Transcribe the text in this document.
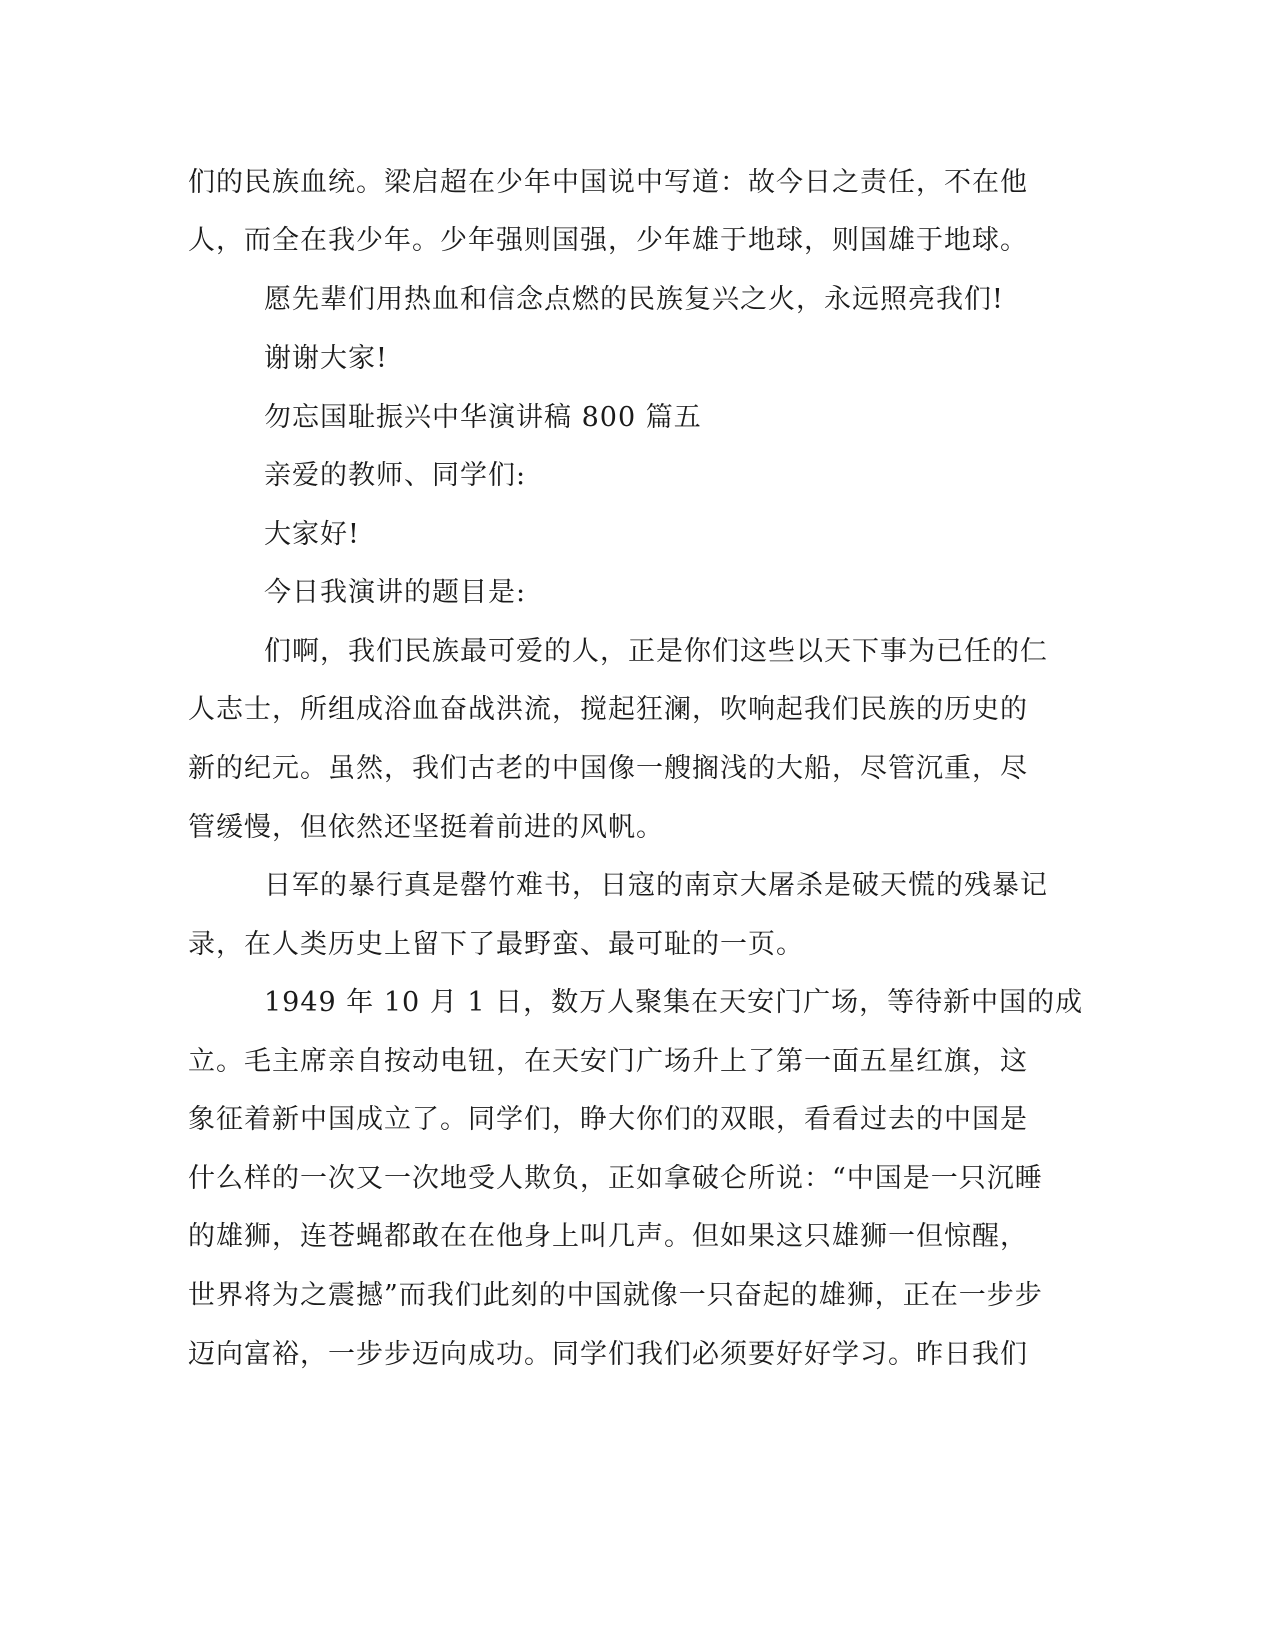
们的民族血统。梁启超在少年中国说中写道：故今日之责任，不在他
人，而全在我少年。少年强则国强，少年雄于地球，则国雄于地球。
愿先辈们用热血和信念点燃的民族复兴之火，永远照亮我们!
谢谢大家!
勿忘国耻振兴中华演讲稿 800 篇五
亲爱的教师、同学们:
大家好!
今日我演讲的题目是:
们啊，我们民族最可爱的人，正是你们这些以天下事为已任的仁
人志士，所组成浴血奋战洪流，搅起狂澜，吹响起我们民族的历史的
新的纪元。虽然，我们古老的中国像一艘搁浅的大船，尽管沉重，尽
管缓慢，但依然还坚挺着前进的风帆。
日军的暴行真是罄竹难书，日寇的南京大屠杀是破天慌的残暴记
录，在人类历史上留下了最野蛮、最可耻的一页。
1949 年 10 月 1 日，数万人聚集在天安门广场，等待新中国的成
立。毛主席亲自按动电钮，在天安门广场升上了第一面五星红旗，这
象征着新中国成立了。同学们，睁大你们的双眼，看看过去的中国是
什么样的一次又一次地受人欺负，正如拿破仑所说：“中国是一只沉睡
的雄狮，连苍蝇都敢在在他身上叫几声。但如果这只雄狮一但惊醒，
世界将为之震撼”而我们此刻的中国就像一只奋起的雄狮，正在一步步
迈向富裕，一步步迈向成功。同学们我们必须要好好学习。昨日我们
